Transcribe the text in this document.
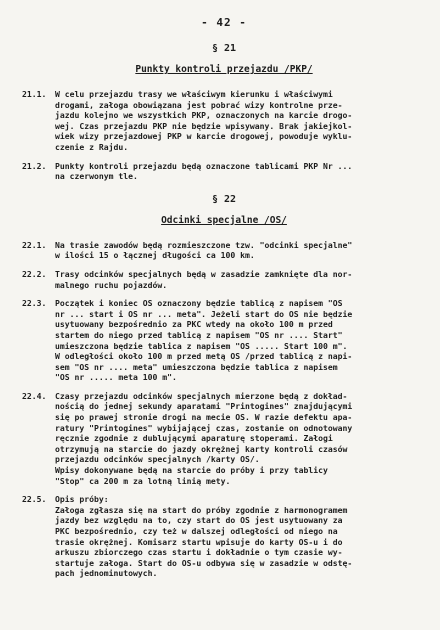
- 42 -
§ 21
Punkty kontroli przejazdu /PKP/
21.1.	W celu przejazdu trasy we właściwym kierunku i właściwymi
drogami, załoga obowiązana jest pobrać wizy kontrolne prze-
jazdu kolejno we wszystkich PKP, oznaczonych na karcie drogo-
wej. Czas przejazdu PKP nie będzie wpisywany. Brak jakiejkol-
wiek wizy przejazdowej PKP w karcie drogowej, powoduje wyklu-
czenie z Rajdu.
21.2.	Punkty kontroli przejazdu będą oznaczone tablicami PKP Nr ...
na czerwonym tle.
§ 22
Odcinki specjalne /OS/
22.1.	Na trasie zawodów będą rozmieszczone tzw. "odcinki specjalne"
w ilości 15 o łącznej długości ca 100 km.
22.2.	Trasy odcinków specjalnych będą w zasadzie zamknięte dla nor-
malnego ruchu pojazdów.
22.3.	Początek i koniec OS oznaczony będzie tablicą z napisem "OS
nr ... start i OS nr ... meta". Jeżeli start do OS nie będzie
usytuowany bezpośrednio za PKC wtedy na około 100 m przed
startem do niego przed tablicą z napisem "OS nr .... Start"
umieszczona będzie tablica z napisem "OS ..... Start 100 m".
W odległości około 100 m przed metą OS /przed tablicą z napi-
sem "OS nr .... meta" umieszczona będzie tablica z napisem
"OS nr ..... meta 100 m".
22.4.	Czasy przejazdu odcinków specjalnych mierzone będą z dokład-
nością do jednej sekundy aparatami "Printogines" znajdującymi
się po prawej stronie drogi na mecie OS. W razie defektu apa-
ratury "Printogines" wybijającej czas, zostanie on odnotowany
ręcznie zgodnie z dublującymi aparaturę stoperami. Załogi
otrzymują na starcie do jazdy okrężnej karty kontroli czasów
przejazdu odcinków specjalnych /karty OS/.
Wpisy dokonywane będą na starcie do próby i przy tablicy
"Stop" ca 200 m za lotną linią mety.
22.5.	Opis próby:
Załoga zgłasza się na start do próby zgodnie z harmonogramem
jazdy bez względu na to, czy start do OS jest usytuowany za
PKC bezpośrednio, czy też w dalszej odległości od niego na
trasie okrężnej. Komisarz startu wpisuje do karty OS-u i do
arkuszu zbiorczego czas startu i dokładnie o tym czasie wy-
startuje załoga. Start do OS-u odbywa się w zasadzie w odstę-
pach jednominutowych.
